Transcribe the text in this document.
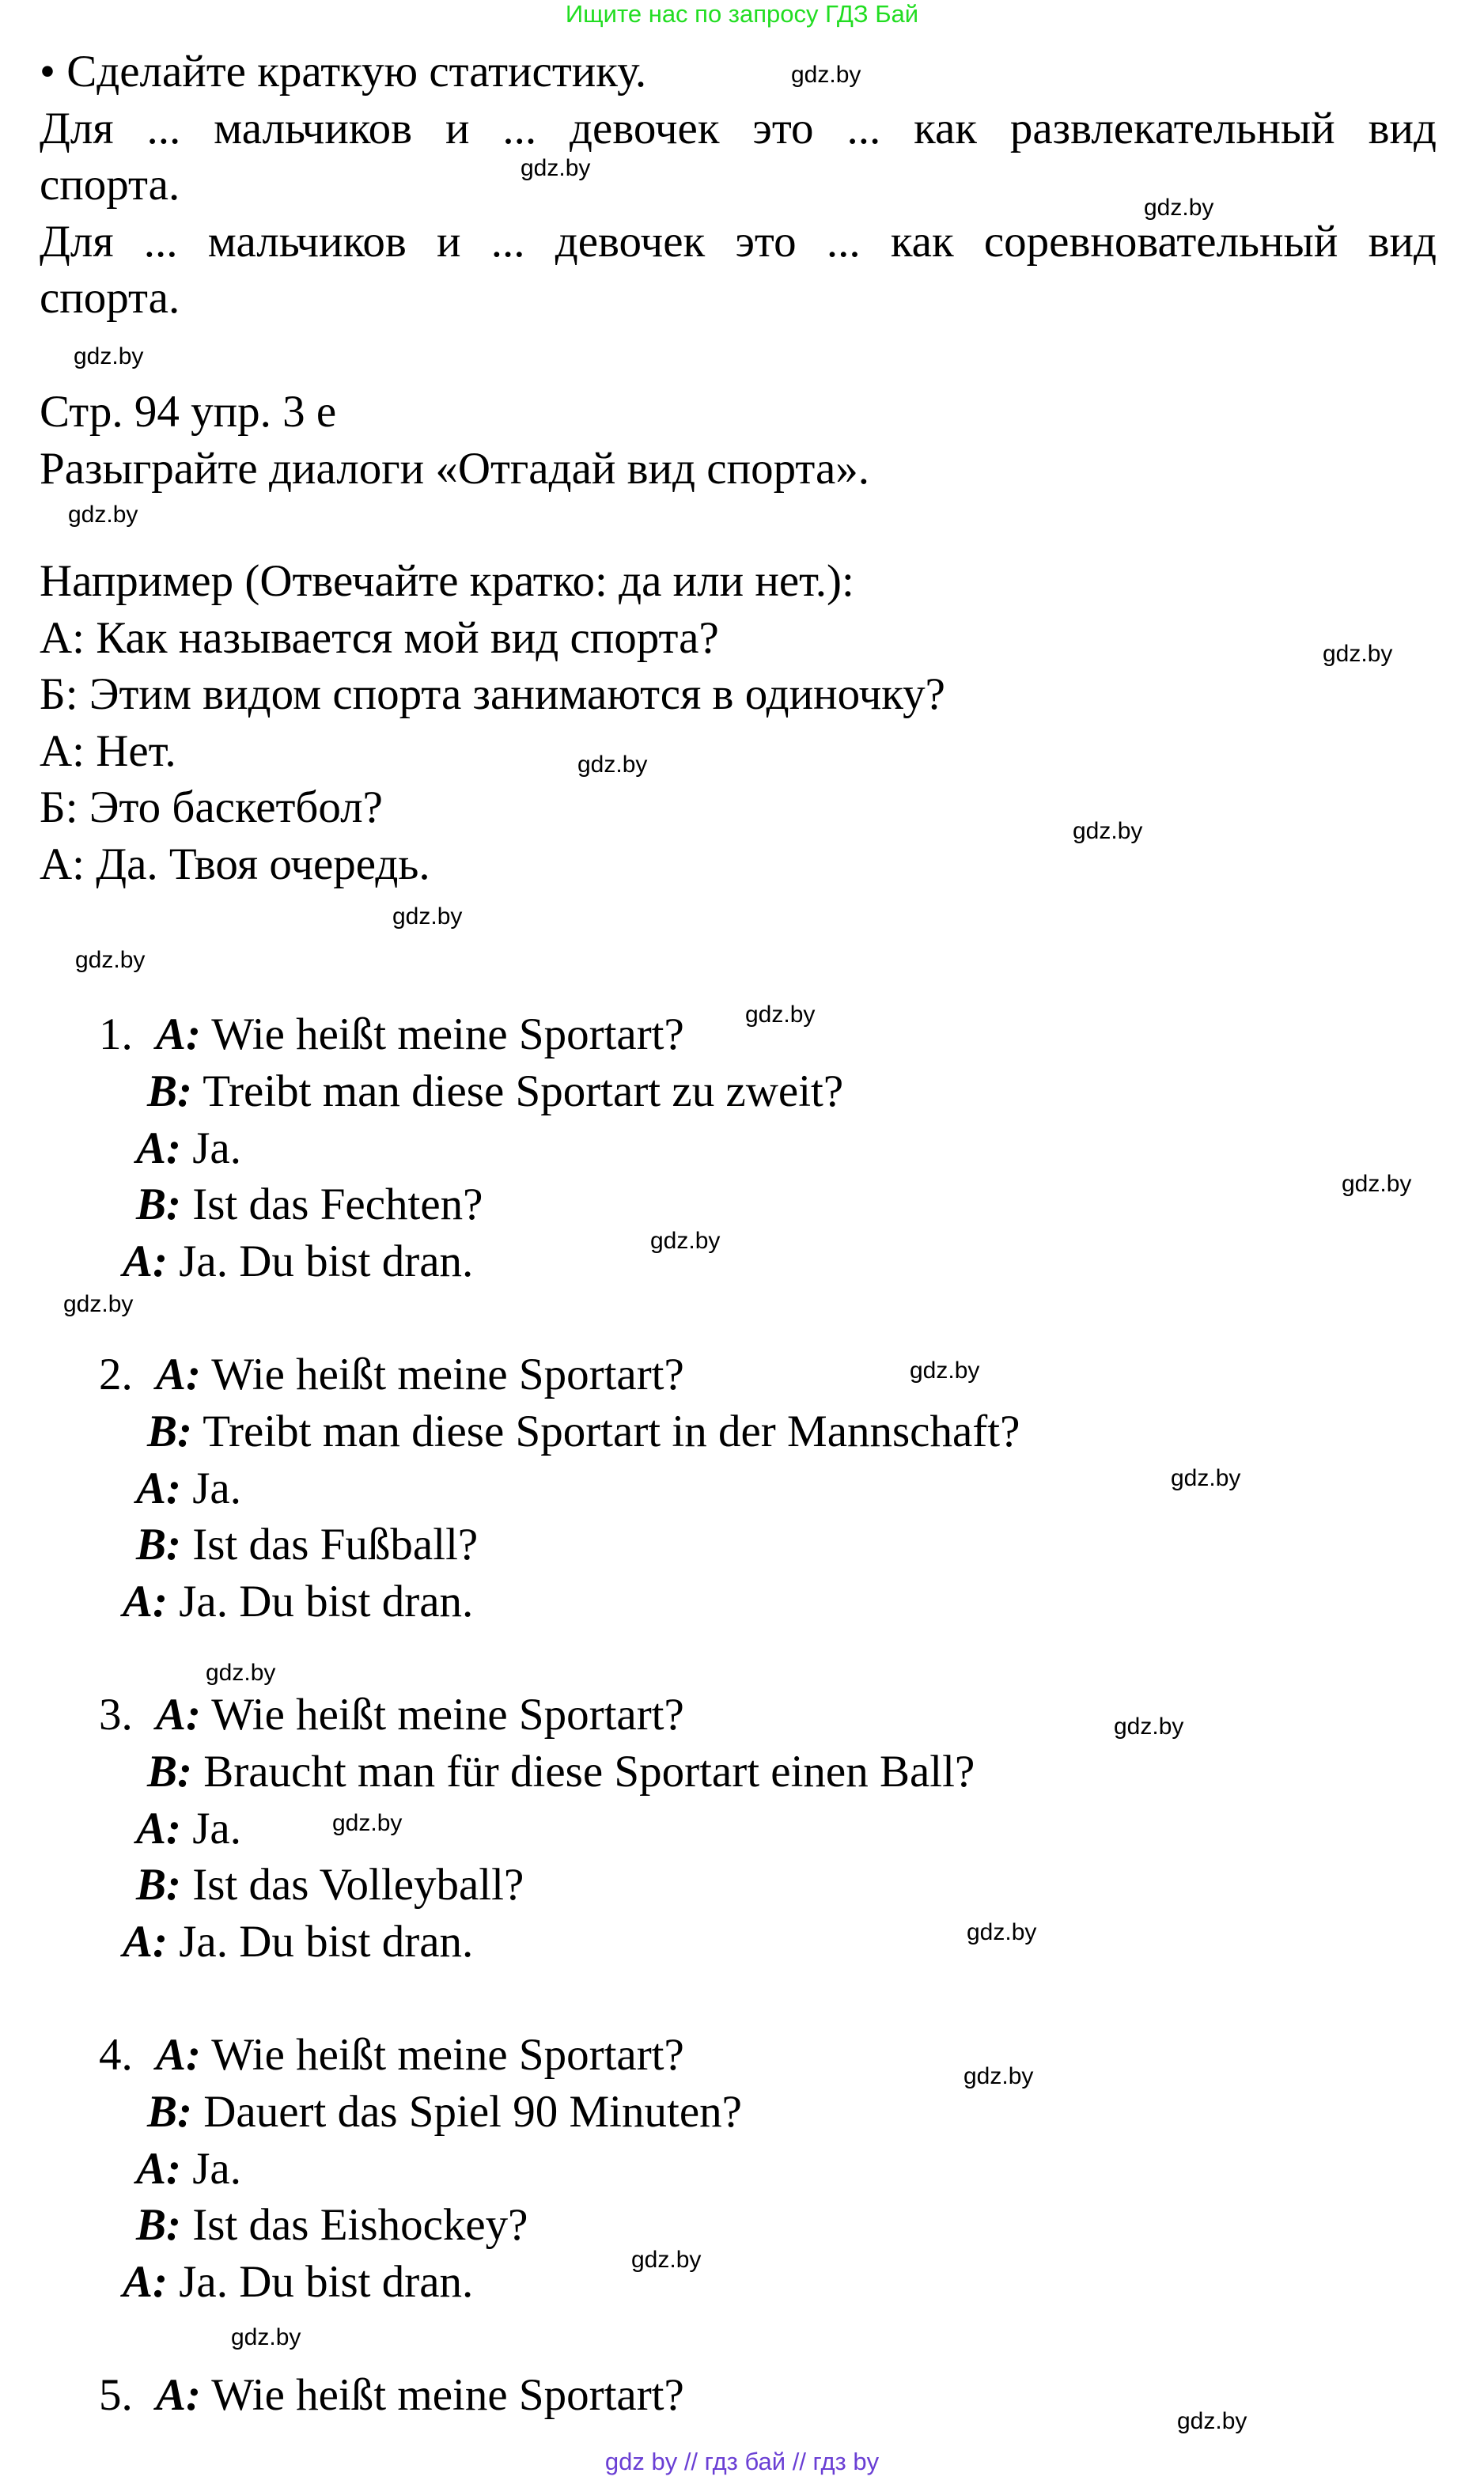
Ищите нас по запросу ГДЗ Бай
gdz by // гдз бай // гдз by
• Сделайте краткую статистику.
Для ... мальчиков и ... девочек это ... как развлекательный вид
спорта.
Для ... мальчиков и ... девочек это ... как соревновательный вид
спорта.
Стр. 94 упр. 3 е
Разыграйте диалоги «Отгадай вид спорта».
Например (Отвечайте кратко: да или нет.):
А: Как называется мой вид спорта?
Б: Этим видом спорта занимаются в одиночку?
А: Нет.
Б: Это баскетбол?
А: Да. Твоя очередь.
1. A: Wie heißt meine Sportart?
B: Treibt man diese Sportart zu zweit?
A: Ja.
B: Ist das Fechten?
A: Ja. Du bist dran.
2. A: Wie heißt meine Sportart?
B: Treibt man diese Sportart in der Mannschaft?
A: Ja.
B: Ist das Fußball?
A: Ja. Du bist dran.
3. A: Wie heißt meine Sportart?
B: Braucht man für diese Sportart einen Ball?
A: Ja.
B: Ist das Volleyball?
A: Ja. Du bist dran.
4. A: Wie heißt meine Sportart?
B: Dauert das Spiel 90 Minuten?
A: Ja.
B: Ist das Eishockey?
A: Ja. Du bist dran.
5. A: Wie heißt meine Sportart?
gdz.by
gdz.by
gdz.by
gdz.by
gdz.by
gdz.by
gdz.by
gdz.by
gdz.by
gdz.by
gdz.by
gdz.by
gdz.by
gdz.by
gdz.by
gdz.by
gdz.by
gdz.by
gdz.by
gdz.by
gdz.by
gdz.by
gdz.by
gdz.by
